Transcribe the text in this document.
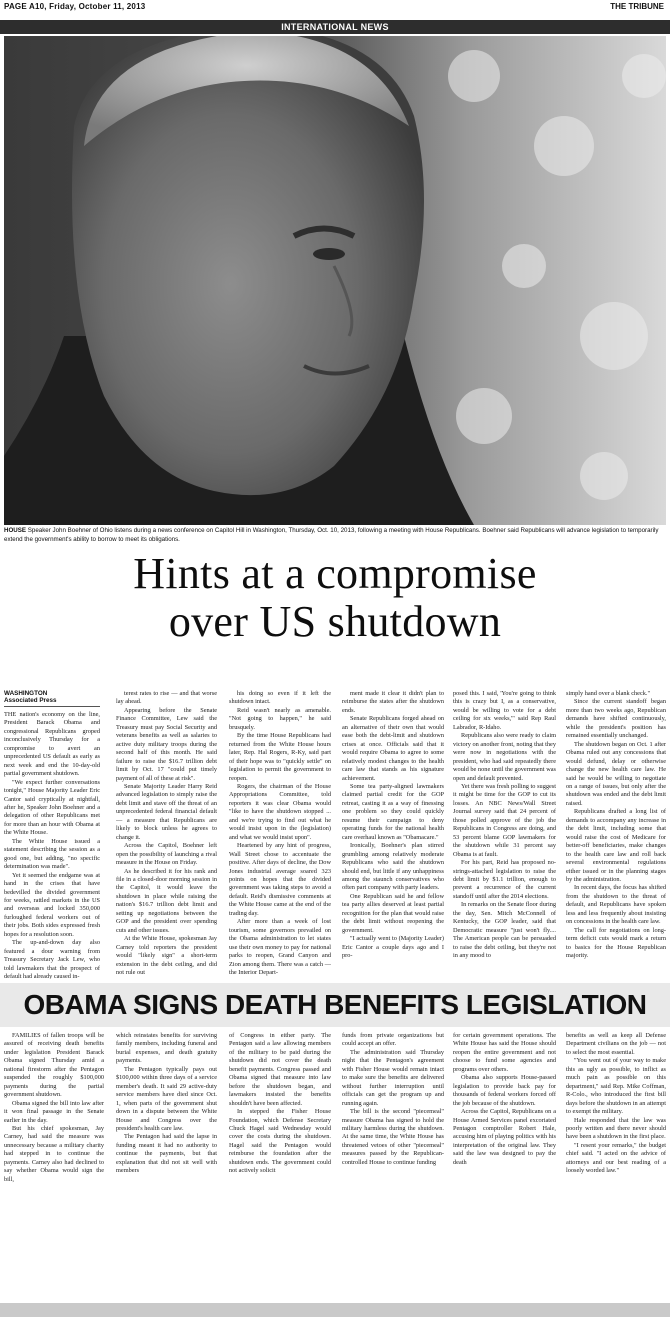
PAGE A10, Friday, October 11, 2013	THE TRIBUNE
INTERNATIONAL NEWS
HOUSE Speaker John Boehner of Ohio listens during a news conference on Capitol Hill in Washington, Thursday, Oct. 10, 2013, following a meeting with House Republicans. Boehner said Republicans will advance legislation to temporarily extend the government's ability to borrow to meet its obligations.
Hints at a compromise
over US shutdown
WASHINGTON
Associated Press

THE nation's economy on the line, President Barack Obama and congressional Republicans groped inconclusively Thursday for a compromise to avert an unprecedented US default as early as next week and end the 10-day-old partial government shutdown.

"We expect further conversations tonight," House Majority Leader Eric Cantor said cryptically at nightfall, after he, Speaker John Boehner and a delegation of other Republicans met for more than an hour with Obama at the White House.

The White House issued a statement describing the session as a good one, but adding, "no specific determination was made".

Yet it seemed the endgame was at hand in the crises that have bedevilled the divided government for weeks, rattled markets in the US and overseas and locked 350,000 furloughed federal workers out of their jobs. Both sides expressed fresh hopes for a resolution soon.

The up-and-down day also featured a dour warning from Treasury Secretary Jack Lew, who told lawmakers that the prospect of default had already caused in-

terest rates to rise — and that worse lay ahead.

Appearing before the Senate Finance Committee, Lew said the Treasury must pay Social Security and veterans benefits as well as salaries to active duty military troops during the second half of this month. He said failure to raise the $16.7 trillion debt limit by Oct. 17 "could put timely payment of all of these at risk".

Senate Majority Leader Harry Reid advanced legislation to simply raise the debt limit and stave off the threat of an unprecedented federal financial default — a measure that Republicans are likely to block unless he agrees to change it.

Across the Capitol, Boehner left open the possibility of launching a rival measure in the House on Friday.

As he described it for his rank and file in a closed-door morning session in the Capitol, it would leave the shutdown in place while raising the nation's $16.7 trillion debt limit and setting up negotiations between the GOP and the president over spending cuts and other issues.

At the White House, spokesman Jay Carney told reporters the president would "likely sign" a short-term extension in the debt ceiling, and did not rule out

his doing so even if it left the shutdown intact.

Reid wasn't nearly as amenable. "Not going to happen," he said brusquely.

By the time House Republicans had returned from the White House hours later, Rep. Hal Rogers, R-Ky, said part of their hope was to "quickly settle" on legislation to permit the government to reopen.

Rogers, the chairman of the House Appropriations Committee, told reporters it was clear Obama would "like to have the shutdown stopped ... and we're trying to find out what he would insist upon in the (legislation) and what we would insist upon".

Heartened by any hint of progress, Wall Street chose to accentuate the positive. After days of decline, the Dow Jones industrial average soared 323 points on hopes that the divided government was taking steps to avoid a default. Reid's dismissive comments at the White House came at the end of the trading day.

After more than a week of lost tourism, some governors prevailed on the Obama administration to let states use their own money to pay for national parks to reopen, Grand Canyon and Zion among them. There was a catch — the Interior Depart-

ment made it clear it didn't plan to reimburse the states after the shutdown ends.

Senate Republicans forged ahead on an alternative of their own that would ease both the debt-limit and shutdown crises at once. Officials said that it would require Obama to agree to some relatively modest changes to the health care law that stands as his signature achievement.

Some tea party-aligned lawmakers claimed partial credit for the GOP retreat, casting it as a way of finessing one problem so they could quickly resume their campaign to deny operating funds for the national health care overhaul known as "Obamacare."

Ironically, Boehner's plan stirred grumbling among relatively moderate Republicans who said the shutdown should end, but little if any unhappiness among the staunch conservatives who often part company with party leaders.

One Republican said he and fellow tea party allies deserved at least partial recognition for the plan that would raise the debt limit without reopening the government.

"I actually went to (Majority Leader) Eric Cantor a couple days ago and I pro-

posed this. I said, 'You're going to think this is crazy but I, as a conservative, would be willing to vote for a debt ceiling for six weeks,'" said Rep Raul Labrador, R-Idaho.

Republicans also were ready to claim victory on another front, noting that they were now in negotiations with the president, who had said repeatedly there would be none until the government was open and default prevented.

Yet there was fresh polling to suggest it might be time for the GOP to cut its losses. An NBC News/Wall Street Journal survey said that 24 percent of those polled approve of the job the Republicans in Congress are doing, and 53 percent blame GOP lawmakers for the shutdown while 31 percent say Obama is at fault.

For his part, Reid has proposed no-strings-attached legislation to raise the debt limit by $1.1 trillion, enough to prevent a recurrence of the current standoff until after the 2014 elections.

In remarks on the Senate floor during the day, Sen. Mitch McConnell of Kentucky, the GOP leader, said that Democratic measure "just won't fly.... The American people can be persuaded to raise the debt ceiling, but they're not in any mood to

simply hand over a blank check."

Since the current standoff began more than two weeks ago, Republican demands have shifted continuously, while the president's position has remained essentially unchanged.

The shutdown began on Oct. 1 after Obama ruled out any concessions that would defund, delay or otherwise change the new health care law. He said he would be willing to negotiate on a range of issues, but only after the shutdown was ended and the debt limit raised.

Republicans drafted a long list of demands to accompany any increase in the debt limit, including some that would raise the cost of Medicare for better-off beneficiaries, make changes to the health care law and roll back several environmental regulations either issued or in the planning stages by the administration.

In recent days, the focus has shifted from the shutdown to the threat of default, and Republicans have spoken less and less frequently about insisting on concessions in the health care law.

The call for negotiations on long-term deficit cuts would mark a return to basics for the House Republican majority.

OBAMA SIGNS DEATH BENEFITS LEGISLATION

FAMILIES of fallen troops will be assured of receiving death benefits under legislation President Barack Obama signed Thursday amid a national firestorm after the Pentagon suspended the roughly $100,000 payments during the partial government shutdown.

Obama signed the bill into law after it won final passage in the Senate earlier in the day.

But his chief spokesman, Jay Carney, had said the measure was unnecessary because a military charity had stepped in to continue the payments. Carney also had declined to say whether Obama would sign the bill,

which reinstates benefits for surviving family members, including funeral and burial expenses, and death gratuity payments.

The Pentagon typically pays out $100,000 within three days of a service member's death. It said 29 active-duty service members have died since Oct. 1, when parts of the government shut down in a dispute between the White House and Congress over the president's health care law.

The Pentagon had said the lapse in funding meant it had no authority to continue the payments, but that explanation that did not sit well with members

of Congress in either party. The Pentagon said a law allowing members of the military to be paid during the shutdown did not cover the death benefit payments. Congress passed and Obama signed that measure into law before the shutdown began, and lawmakers insisted the benefits shouldn't have been affected.

In stepped the Fisher House Foundation, which Defense Secretary Chuck Hagel said Wednesday would cover the costs during the shutdown. Hagel said the Pentagon would reimburse the foundation after the shutdown ends. The government could not actively solicit

funds from private organizations but could accept an offer.

The administration said Thursday night that the Pentagon's agreement with Fisher House would remain intact to make sure the benefits are delivered without further interruption until officials can get the program up and running again.

The bill is the second "piecemeal" measure Obama has signed to hold the military harmless during the shutdown. At the same time, the White House has threatened vetoes of other "piecemeal" measures passed by the Republican-controlled House to continue funding

for certain government operations. The White House has said the House should reopen the entire government and not choose to fund some agencies and programs over others.

Obama also supports House-passed legislation to provide back pay for thousands of federal workers forced off the job because of the shutdown.

Across the Capitol, Republicans on a House Armed Services panel excoriated Pentagon comptroller Robert Hale, accusing him of playing politics with his interpretation of the original law. They said the law was designed to pay the death

benefits as well as keep all Defense Department civilians on the job — not to select the most essential.

"You went out of your way to make this as ugly as possible, to inflict as much pain as possible on this department," said Rep. Mike Coffman, R-Colo., who introduced the first bill days before the shutdown in an attempt to exempt the military.

Hale responded that the law was poorly written and there never should have been a shutdown in the first place.

"I resent your remarks," the budget chief said. "I acted on the advice of attorneys and our best reading of a loosely worded law."
